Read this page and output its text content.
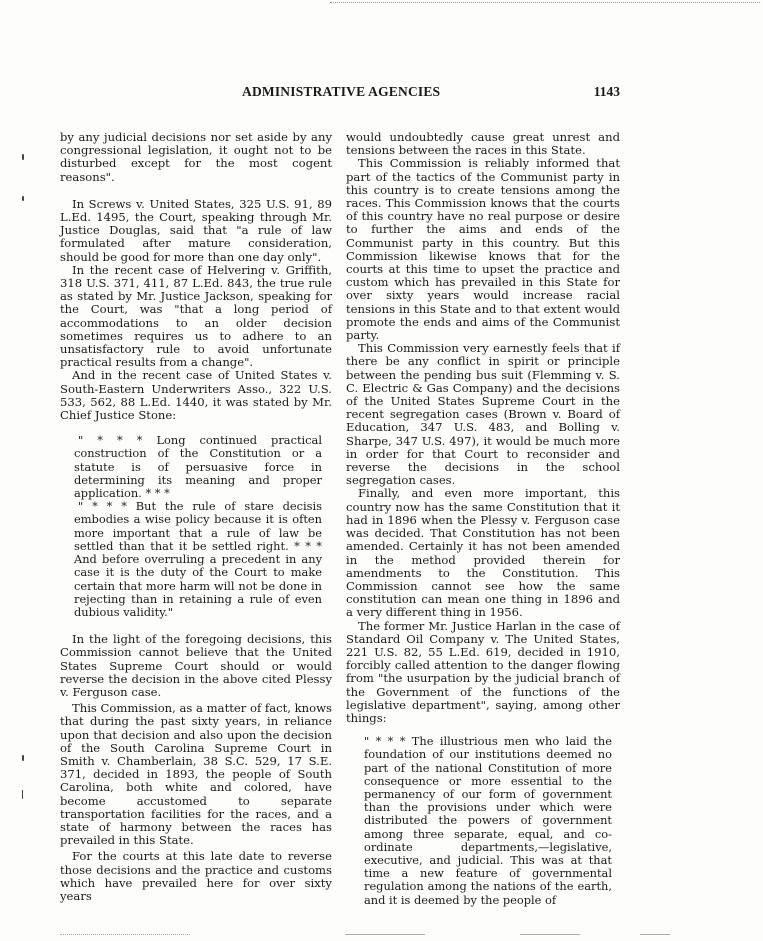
ADMINISTRATIVE AGENCIES	1143

by any judicial decisions nor set aside by any congressional legislation, it ought not to be disturbed except for the most cogent reasons".

In Screws v. United States, 325 U.S. 91, 89 L.Ed. 1495, the Court, speaking through Mr. Justice Douglas, said that "a rule of law formulated after mature consideration, should be good for more than one day only".

In the recent case of Helvering v. Griffith, 318 U.S. 371, 411, 87 L.Ed. 843, the true rule as stated by Mr. Justice Jackson, speaking for the Court, was "that a long period of accommodations to an older decision sometimes requires us to adhere to an unsatisfactory rule to avoid unfortunate practical results from a change".

And in the recent case of United States v. South-Eastern Underwriters Asso., 322 U.S. 533, 562, 88 L.Ed. 1440, it was stated by Mr. Chief Justice Stone:

" * * * Long continued practical construction of the Constitution or a statute is of persuasive force in determining its meaning and proper application. * * *

" * * * But the rule of stare decisis embodies a wise policy because it is often more important that a rule of law be settled than that it be settled right. * * * And before overruling a precedent in any case it is the duty of the Court to make certain that more harm will not be done in rejecting than in retaining a rule of even dubious validity."

In the light of the foregoing decisions, this Commission cannot believe that the United States Supreme Court should or would reverse the decision in the above cited Plessy v. Ferguson case.

This Commission, as a matter of fact, knows that during the past sixty years, in reliance upon that decision and also upon the decision of the South Carolina Supreme Court in Smith v. Chamberlain, 38 S.C. 529, 17 S.E. 371, decided in 1893, the people of South Carolina, both white and colored, have become accustomed to separate transportation facilities for the races, and a state of harmony between the races has prevailed in this State.

For the courts at this late date to reverse those decisions and the practice and customs which have prevailed here for over sixty years

would undoubtedly cause great unrest and tensions between the races in this State.

This Commission is reliably informed that part of the tactics of the Communist party in this country is to create tensions among the races. This Commission knows that the courts of this country have no real purpose or desire to further the aims and ends of the Communist party in this country. But this Commission likewise knows that for the courts at this time to upset the practice and custom which has prevailed in this State for over sixty years would increase racial tensions in this State and to that extent would promote the ends and aims of the Communist party.

This Commission very earnestly feels that if there be any conflict in spirit or principle between the pending bus suit (Flemming v. S. C. Electric & Gas Company) and the decisions of the United States Supreme Court in the recent segregation cases (Brown v. Board of Education, 347 U.S. 483, and Bolling v. Sharpe, 347 U.S. 497), it would be much more in order for that Court to reconsider and reverse the decisions in the school segregation cases.

Finally, and even more important, this country now has the same Constitution that it had in 1896 when the Plessy v. Ferguson case was decided. That Constitution has not been amended. Certainly it has not been amended in the method provided therein for amendments to the Constitution. This Commission cannot see how the same constitution can mean one thing in 1896 and a very different thing in 1956.

The former Mr. Justice Harlan in the case of Standard Oil Company v. The United States, 221 U.S. 82, 55 L.Ed. 619, decided in 1910, forcibly called attention to the danger flowing from "the usurpation by the judicial branch of the Government of the functions of the legislative department", saying, among other things:

" * * * The illustrious men who laid the foundation of our institutions deemed no part of the national Constitution of more consequence or more essential to the permanency of our form of government than the provisions under which were distributed the powers of government among three separate, equal, and co-ordinate departments,—legislative, executive, and judicial. This was at that time a new feature of governmental regulation among the nations of the earth, and it is deemed by the people of
